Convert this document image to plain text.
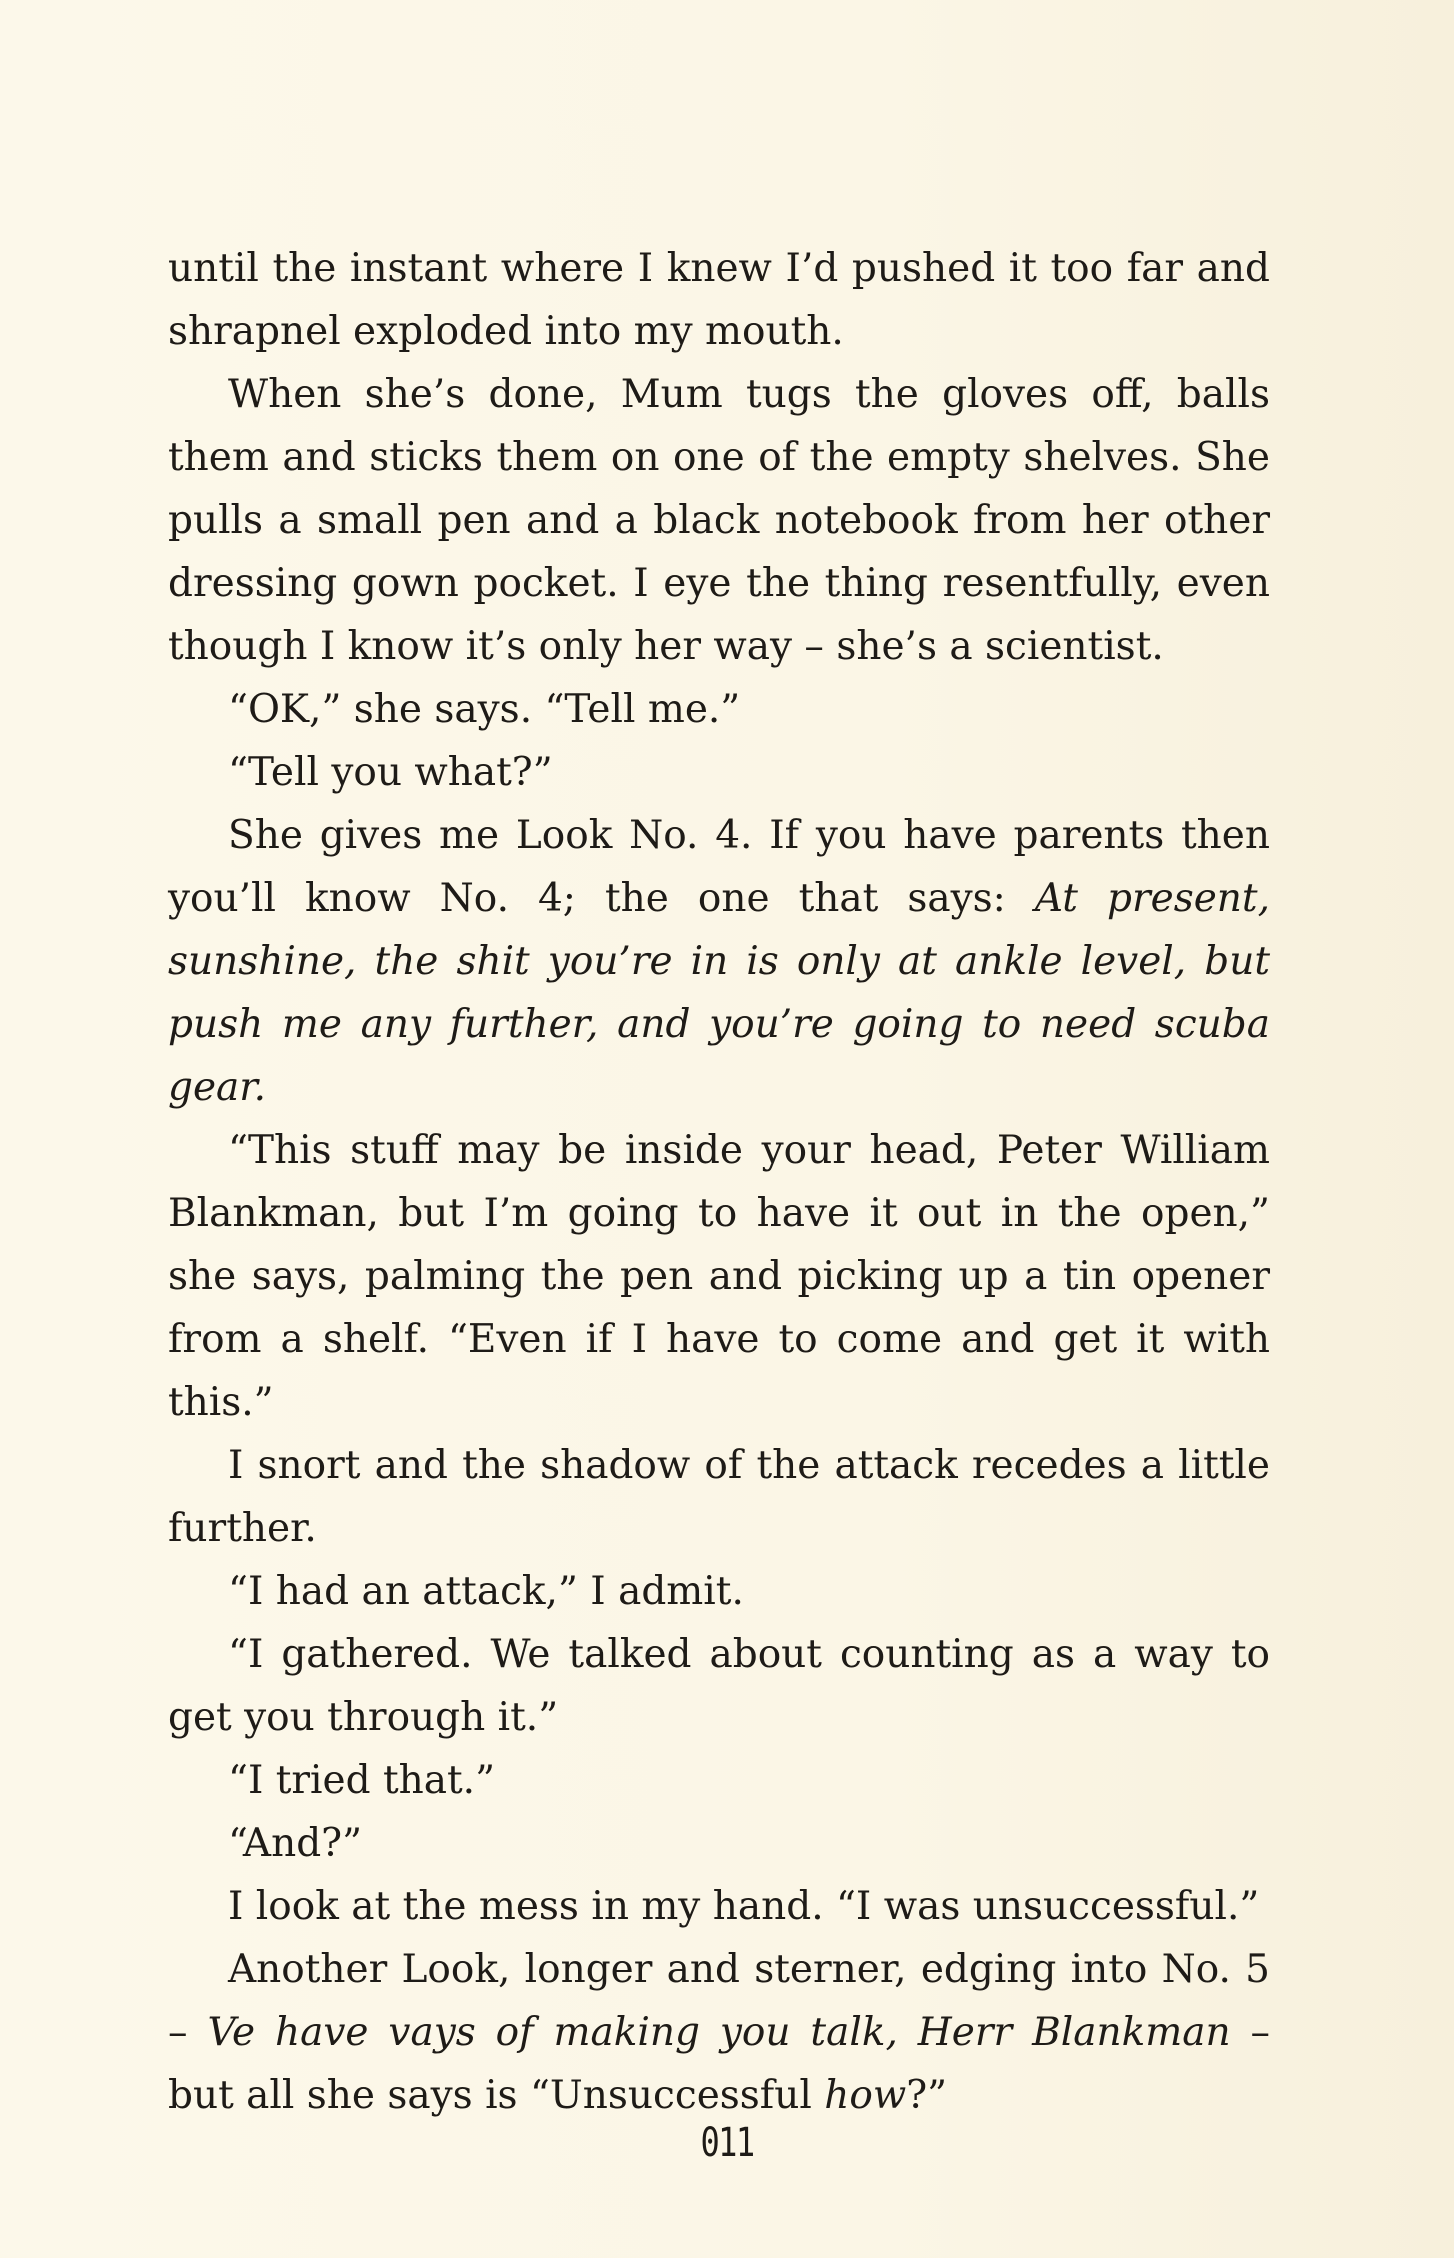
until the instant where I knew I’d pushed it too far and shrapnel exploded into my mouth.

When she’s done, Mum tugs the gloves off, balls them and sticks them on one of the empty shelves. She pulls a small pen and a black notebook from her other dressing gown pocket. I eye the thing resentfully, even though I know it’s only her way – she’s a scientist.

“OK,” she says. “Tell me.”

“Tell you what?”

She gives me Look No. 4. If you have parents then you’ll know No. 4; the one that says: At present, sunshine, the shit you’re in is only at ankle level, but push me any further, and you’re going to need scuba gear.

“This stuff may be inside your head, Peter William Blankman, but I’m going to have it out in the open,” she says, palming the pen and picking up a tin opener from a shelf. “Even if I have to come and get it with this.”

I snort and the shadow of the attack recedes a little further.

“I had an attack,” I admit.

“I gathered. We talked about counting as a way to get you through it.”

“I tried that.”

“And?”

I look at the mess in my hand. “I was unsuccessful.”

Another Look, longer and sterner, edging into No. 5 – Ve have vays of making you talk, Herr Blankman – but all she says is “Unsuccessful how?”

011
